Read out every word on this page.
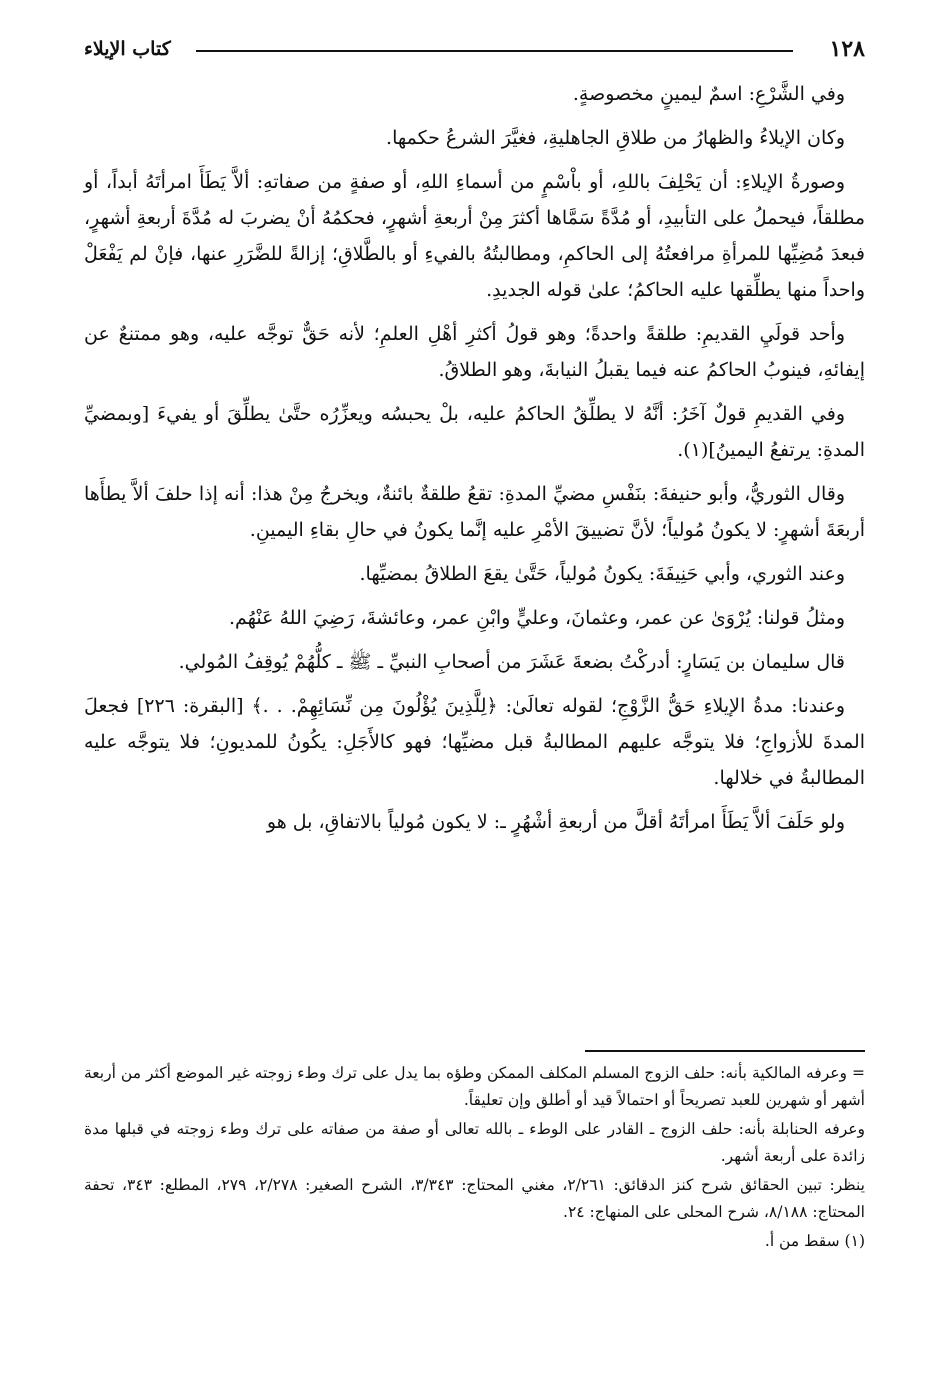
١٢٨
كتاب الإيلاء

وفي الشَّرْعِ: اسمٌ ليمينٍ مخصوصةٍ.

وكان الإيلاءُ والظهارُ من طلاقِ الجاهليةِ، فغيَّرَ الشرعُ حكمها.

وصورةُ الإيلاءِ: أن يَحْلِفَ باللهِ، أو باْسْمٍ من أسماءِ اللهِ، أو صفةٍ من صفاتهِ: ألاَّ يَطَأَ امرأتَهُ أبداً، أو مطلقاً، فيحملُ على التأبيدِ، أو مُدَّةً سَمَّاها أكثرَ مِنْ أربعةِ أشهرٍ، فحكمُهُ أنْ يضربَ له مُدَّةَ أربعةِ أشهرٍ، فبعدَ مُضِيِّها للمرأةِ مرافعتُهُ إلى الحاكمِ، ومطالبتُهُ بالفيءِ أو بالطَّلاقِ؛ إزالةً للضَّرَرِ عنها، فإنْ لم يَفْعَلْ واحداً منها يطلِّقها عليه الحاكمُ؛ علىٰ قوله الجديدِ.

وأحد قولَيِ القديمِ: طلقةً واحدةً؛ وهو قولُ أكثرِ أهْلِ العلمِ؛ لأنه حَقٌّ توجَّه عليه، وهو ممتنعٌ عن إيفائهِ، فينوبُ الحاكمُ عنه فيما يقبلُ النيابةَ، وهو الطلاقُ.

وفي القديمِ قولٌ آخَرُ: أنَّهُ لا يطلِّقُ الحاكمُ عليه، بلْ يحبسُه ويعزِّرُه حتَّىٰ يطلِّقَ أو يفيءَ [وبمضيِّ المدةِ: يرتفعُ اليمينُ](١).

وقال الثوريُّ، وأبو حنيفةَ: بنَفْسِ مضيِّ المدةِ: تقعُ طلقةٌ بائنةٌ، ويخرجُ مِنْ هذا: أنه إذا حلفَ ألاَّ يطأَها أربعَةَ أشهرٍ: لا يكونُ مُولياً؛ لأنَّ تضييقَ الأمْرِ عليه إنَّما يكونُ في حالِ بقاءِ اليمينِ.

وعند الثوري، وأبي حَنِيفَةَ: يكونُ مُولياً، حَتَّىٰ يقعَ الطلاقُ بمضيِّها.

ومثلُ قولنا: يُرْوَىٰ عن عمر، وعثمانَ، وعليٍّ وابْنِ عمر، وعائشةَ، رَضِيَ اللهُ عَنْهُم.

قال سليمان بن يَسَارٍ: أدركْتُ بضعةَ عَشَرَ من أصحابِ النبيِّ ـ ﷺ ـ كلُّهُمْ يُوقِفُ المُولي.

وعندنا: مدةُ الإيلاءِ حَقُّ الزَّوْجِ؛ لقوله تعالَىٰ: ﴿لِلَّذِينَ يُؤْلُونَ مِن نِّسَائِهِمْ. . .﴾ [البقرة: ٢٢٦] فجعلَ المدةَ للأزواجِ؛ فلا يتوجَّه عليهم المطالبةُ قبل مضيِّها؛ فهو كالأَجَلِ: يكُونُ للمديونِ؛ فلا يتوجَّه عليه المطالبةُ في خلالها.

ولو حَلَفَ ألاَّ يَطَأَ امرأتَهُ أقلَّ من أربعةِ أشْهُرٍ ـ: لا يكون مُولياً بالاتفاقِ، بل هو

= وعرفه المالكية بأنه: حلف الزوج المسلم المكلف الممكن وطؤه بما يدل على ترك وطء زوجته غير الموضع أكثر من أربعة أشهر أو شهرين للعبد تصريحاً أو احتمالاً قيد أو أطلق وإن تعليقاً.

وعرفه الحنابلة بأنه: حلف الزوج ـ القادر على الوطء ـ بالله تعالى أو صفة من صفاته على ترك وطء زوجته في قبلها مدة زائدة على أربعة أشهر.

ينظر: تبين الحقائق شرح كنز الدقائق: ٢/٢٦١، مغني المحتاج: ٣/٣٤٣، الشرح الصغير: ٢/٢٧٨، ٢٧٩، المطلع: ٣٤٣، تحفة المحتاج: ٨/١٨٨، شرح المحلى على المنهاج: ٢٤.

(١) سقط من أ.
